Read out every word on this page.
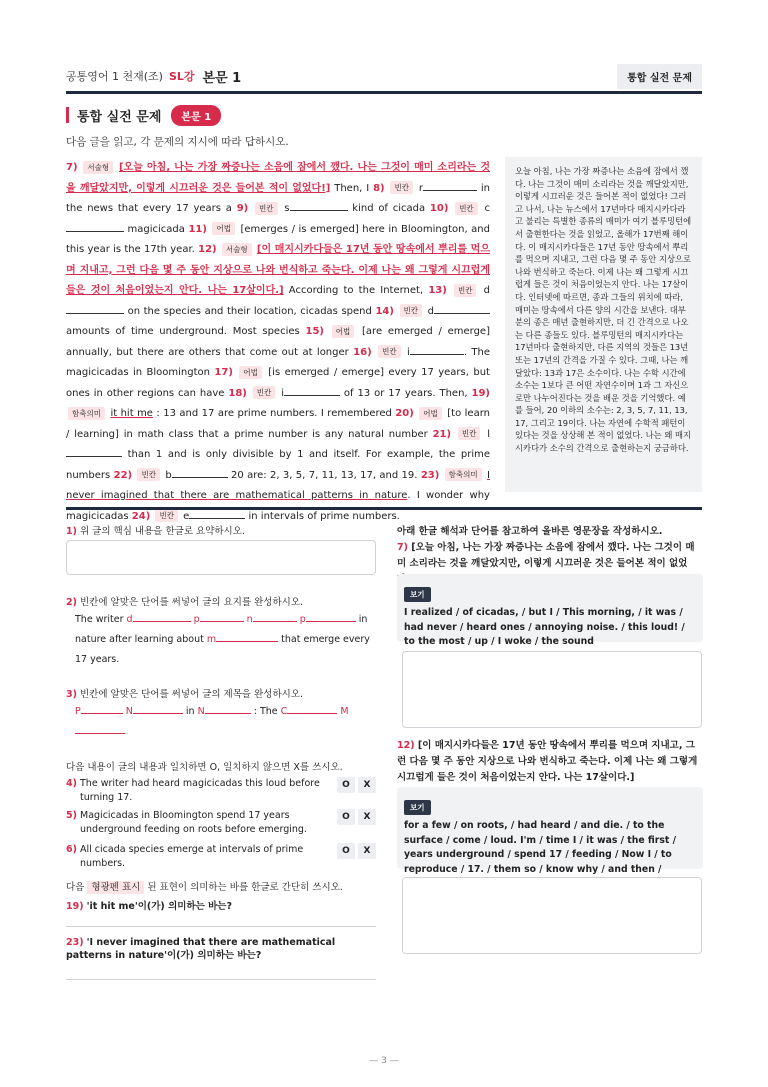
공통영어 1 천재(조) SL강 본문 1	통합 실전 문제
통합 실전 문제	본문 1
다음 글을 읽고, 각 문제의 지시에 따라 답하시오.
7) 서술형 [오늘 아침, 나는 가장 짜증나는 소음에 잠에서 깼다. 나는 그것이 매미 소리라는 것을 깨달았지만, 이렇게 시끄러운 것은 들어본 적이 없었다!] Then, I 8) 빈칸 r	in the news that every 17 years a 9) 빈칸 s	kind of cicada 10) 빈칸 c magicicada 11) 어법 [emerges / is emerged] here in Bloomington, and this year is the 17th year. 12) 서술형 [이 매지시카다들은 17년 동안 땅속에서 뿌리를 먹으며 지내고, 그런 다음 몇 주 동안 지상으로 나와 번식하고 죽는다. 이제 나는 왜 그렇게 시끄럽게 들은 것이 처음이었는지 안다. 나는 17살이다.] According to the Internet, 13) 빈칸 d on the species and their location, cicadas spend 14) 빈칸 d amounts of time underground. Most species 15) 어법 [are emerged / emerge] annually, but there are others that come out at longer 16) 빈칸 i	. The magicicadas in Bloomington 17) 어법 [is emerged / emerge] every 17 years, but ones in other regions can have 18) 빈칸 i	of 13 or 17 years. Then, 19) 함축의미 it hit me : 13 and 17 are prime numbers. I remembered 20) 어법 [to learn / learning] in math class that a prime number is any natural number 21) 빈칸 l than 1 and is only divisible by 1 and itself. For example, the prime numbers 22) 빈칸 b	20 are: 2, 3, 5, 7, 11, 13, 17, and 19. 23) 함축의미 I never imagined that there are mathematical patterns in nature. I wonder why magicicadas 24) 빈칸 e	in intervals of prime numbers.
오늘 아침, 나는 가장 짜증나는 소음에 잠에서 깼다. 나는 그것이 매미 소리라는 것을 깨달았지만, 이렇게 시끄러운 것은 들어본 적이 없었다! 그러고 나서, 나는 뉴스에서 17년마다 매지시카다라고 불리는 특별한 종류의 매미가 여기 블루밍턴에서 출현한다는 것을 읽었고, 올해가 17번째 해이다. 이 매지시카다들은 17년 동안 땅속에서 뿌리를 먹으며 지내고, 그런 다음 몇 주 동안 지상으로 나와 번식하고 죽는다. 이제 나는 왜 그렇게 시끄럽게 들은 것이 처음이었는지 안다. 나는 17살이다. 인터넷에 따르면, 종과 그들의 위치에 따라, 매미는 땅속에서 다른 양의 시간을 보낸다. 대부분의 종은 매년 출현하지만, 더 긴 간격으로 나오는 다른 종들도 있다. 블루밍턴의 매지시카다는 17년마다 출현하지만, 다른 지역의 것들은 13년 또는 17년의 간격을 가질 수 있다. 그때, 나는 깨달았다: 13과 17은 소수이다. 나는 수학 시간에 소수는 1보다 큰 어떤 자연수이며 1과 그 자신으로만 나누어진다는 것을 배운 것을 기억했다. 예를 들어, 20 이하의 소수는: 2, 3, 5, 7, 11, 13, 17, 그리고 19이다. 나는 자연에 수학적 패턴이 있다는 것을 상상해 본 적이 없었다. 나는 왜 매지시카다가 소수의 간격으로 출현하는지 궁금하다.
1) 위 글의 핵심 내용을 한글로 요약하시오.
2) 빈칸에 알맞은 단어를 써넣어 글의 요지를 완성하시오.
The writer d	p	n	p	in
nature after learning about m	that emerge every 17 years.
3) 빈칸에 알맞은 단어를 써넣어 글의 제목을 완성하시오.
P	N	in N	: The C	M

다음 내용이 글의 내용과 일치하면 O, 일치하지 않으면 X를 쓰시오.
4) The writer had heard magicicadas this loud before turning 17.
O	X
5) Magicicadas in Bloomington spend 17 years underground feeding on roots before emerging.
O	X
6) All cicada species emerge at intervals of prime numbers.
O	X
다음 형광펜 표시 된 표현이 의미하는 바를 한글로 간단히 쓰시오.
19) 'it hit me'이(가) 의미하는 바는?
23) 'I never imagined that there are mathematical patterns in nature'이(가) 의미하는 바는?
아래 한글 해석과 단어를 참고하여 올바른 영문장을 작성하시오.
7) [오늘 아침, 나는 가장 짜증나는 소음에 잠에서 깼다. 나는 그것이 매미 소리라는 것을 깨달았지만, 이렇게 시끄러운 것은 들어본 적이 없었
보기
I realized / of cicadas, / but I / This morning, / it was / had never / heard ones / annoying noise. / this loud! / to the most / up / I woke / the sound
12) [이 매지시카다들은 17년 동안 땅속에서 뿌리를 먹으며 지내고, 그런 다음 몇 주 동안 지상으로 나와 번식하고 죽는다. 이제 나는 왜 그렇게 시끄럽게 들은 것이 처음이었는지 안다. 나는 17살이다.]
보기
for a few / on roots, / had heard / and die. / to the surface / come / loud. I'm / time I / it was / the first / years underground / spend 17 / feeding / Now I / to reproduce / 17. / them so / know why / and then /
— 3 —
